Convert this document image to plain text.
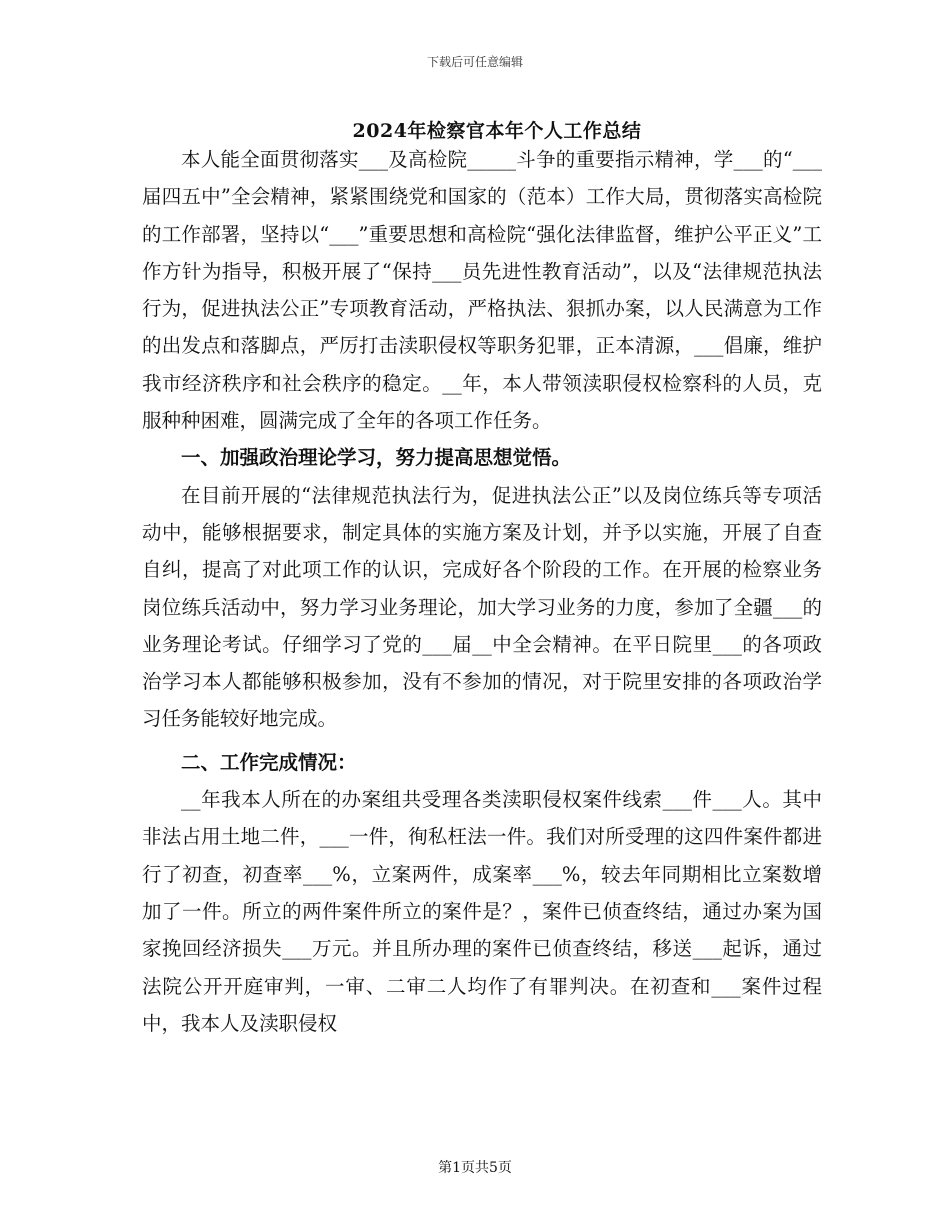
下载后可任意编辑
2024年检察官本年个人工作总结

本人能全面贯彻落实___及高检院_____斗争的重要指示精神，学___的“___届四五中”全会精神，紧紧围绕党和国家的（范本）工作大局，贯彻落实高检院的工作部署，坚持以“___”重要思想和高检院“强化法律监督，维护公平正义”工作方针为指导，积极开展了“保持___员先进性教育活动”，以及“法律规范执法行为，促进执法公正”专项教育活动，严格执法、狠抓办案，以人民满意为工作的出发点和落脚点，严厉打击渎职侵权等职务犯罪，正本清源，___倡廉，维护我市经济秩序和社会秩序的稳定。__年，本人带领渎职侵权检察科的人员，克服种种困难，圆满完成了全年的各项工作任务。

一、加强政治理论学习，努力提高思想觉悟。

在目前开展的“法律规范执法行为，促进执法公正”以及岗位练兵等专项活动中，能够根据要求，制定具体的实施方案及计划，并予以实施，开展了自查自纠，提高了对此项工作的认识，完成好各个阶段的工作。在开展的检察业务岗位练兵活动中，努力学习业务理论，加大学习业务的力度，参加了全疆___的业务理论考试。仔细学习了党的___届__中全会精神。在平日院里___的各项政治学习本人都能够积极参加，没有不参加的情况，对于院里安排的各项政治学习任务能较好地完成。

二、工作完成情况：

__年我本人所在的办案组共受理各类渎职侵权案件线索___件___人。其中非法占用土地二件，___一件，徇私枉法一件。我们对所受理的这四件案件都进行了初查，初查率___%，立案两件，成案率___%，较去年同期相比立案数增加了一件。所立的两件案件所立的案件是？，案件已侦查终结，通过办案为国家挽回经济损失___万元。并且所办理的案件已侦查终结，移送___起诉，通过法院公开开庭审判，一审、二审二人均作了有罪判决。在初查和___案件过程中，我本人及渎职侵权

第1页共5页
